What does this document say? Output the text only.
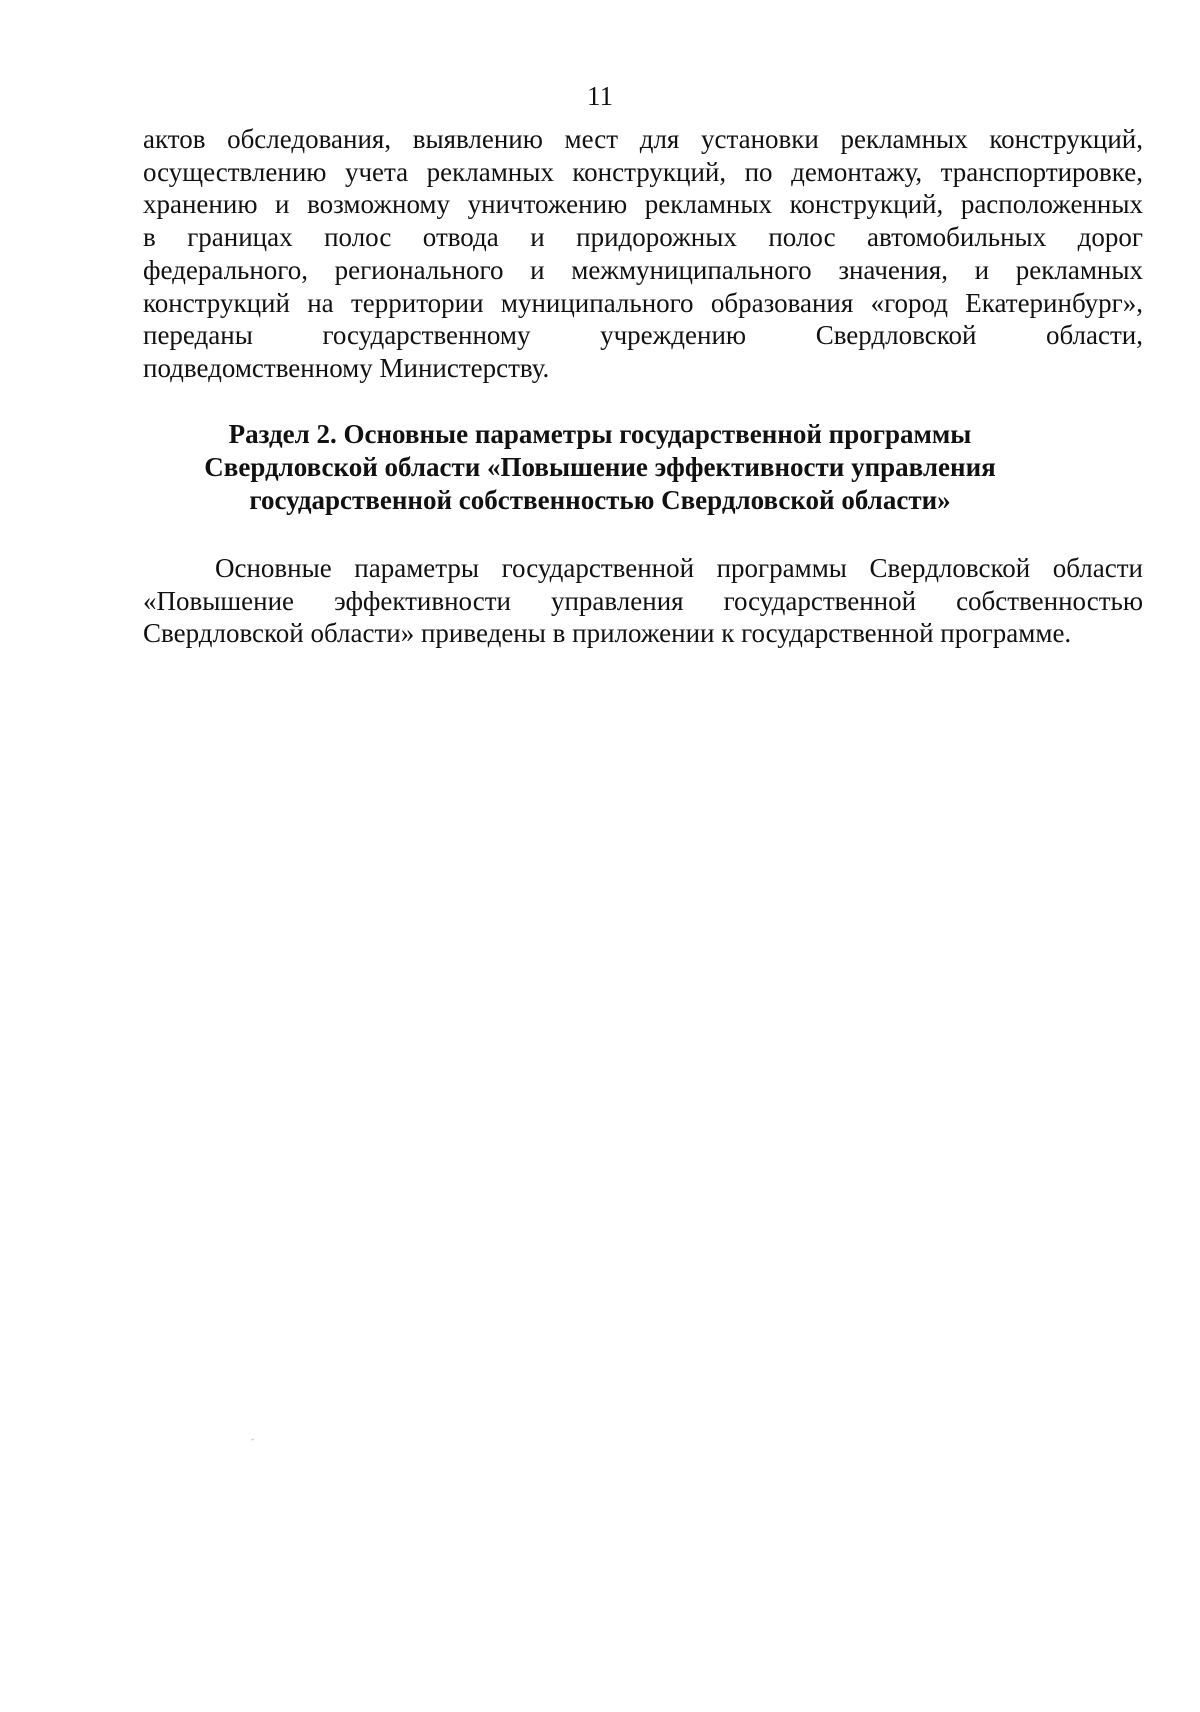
11
актов обследования, выявлению мест для установки рекламных конструкций,
осуществлению учета рекламных конструкций, по демонтажу, транспортировке,
хранению и возможному уничтожению рекламных конструкций, расположенных
в границах полос отвода и придорожных полос автомобильных дорог
федерального, регионального и межмуниципального значения, и рекламных
конструкций на территории муниципального образования «город Екатеринбург»,
переданы государственному учреждению Свердловской области,
подведомственному Министерству.
Раздел 2. Основные параметры государственной программы
Свердловской области «Повышение эффективности управления
государственной собственностью Свердловской области»
Основные параметры государственной программы Свердловской области
«Повышение эффективности управления государственной собственностью
Свердловской области» приведены в приложении к государственной программе.
